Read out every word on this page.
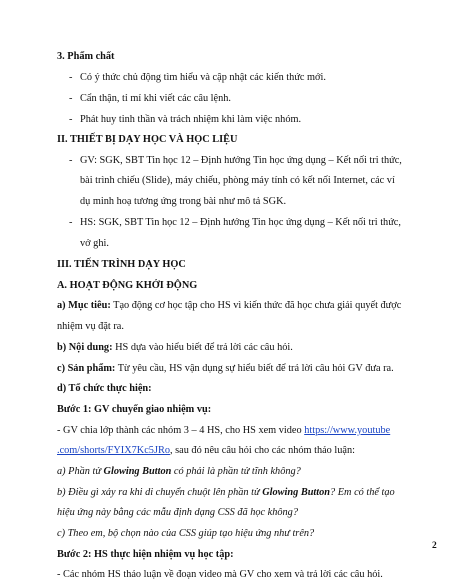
3. Phẩm chất
- Có ý thức chủ động tìm hiểu và cập nhật các kiến thức mới.
- Cẩn thận, tỉ mỉ khi viết các câu lệnh.
- Phát huy tinh thần và trách nhiệm khi làm việc nhóm.
II. THIẾT BỊ DẠY HỌC VÀ HỌC LIỆU
- GV: SGK, SBT Tin học 12 – Định hướng Tin học ứng dụng – Kết nối tri thức,
bài trình chiếu (Slide), máy chiếu, phòng máy tính có kết nối Internet, các ví
dụ minh hoạ tương ứng trong bài như mô tả SGK.
- HS: SGK, SBT Tin học 12 – Định hướng Tin học ứng dụng – Kết nối tri thức,
vở ghi.
III. TIẾN TRÌNH DẠY HỌC
A. HOẠT ĐỘNG KHỞI ĐỘNG
a) Mục tiêu: Tạo động cơ học tập cho HS vì kiến thức đã học chưa giải quyết được
nhiệm vụ đặt ra.
b) Nội dung: HS dựa vào hiểu biết để trả lời các câu hỏi.
c) Sản phẩm: Từ yêu cầu, HS vận dụng sự hiểu biết để trả lời câu hỏi GV đưa ra.
d) Tổ chức thực hiện:
Bước 1: GV chuyển giao nhiệm vụ:
- GV chia lớp thành các nhóm 3 – 4 HS, cho HS xem video https://www.youtube
.com/shorts/FYIX7Kc5JRo, sau đó nêu câu hỏi cho các nhóm thảo luận:
a) Phần tử Glowing Button có phải là phần tử tĩnh không?
b) Điều gì xảy ra khi di chuyển chuột lên phần tử Glowing Button? Em có thể tạo
hiệu ứng này bằng các mẫu định dạng CSS đã học không?
c) Theo em, bộ chọn nào của CSS giúp tạo hiệu ứng như trên?
Bước 2: HS thực hiện nhiệm vụ học tập:
- Các nhóm HS thảo luận về đoạn video mà GV cho xem và trả lời các câu hỏi.
2
